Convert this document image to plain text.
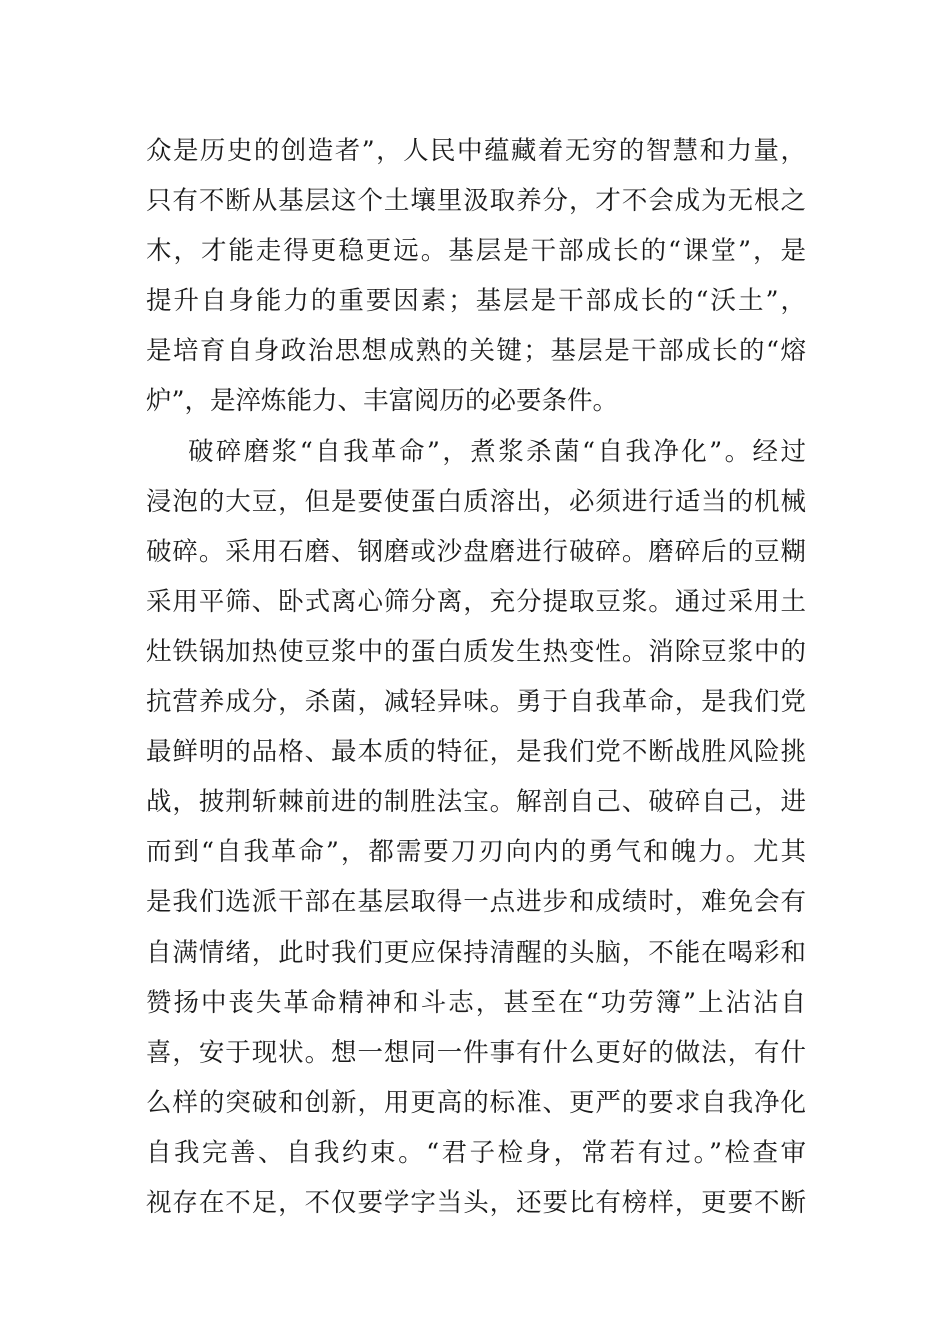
众是历史的创造者”，人民中蕴藏着无穷的智慧和力量，
只有不断从基层这个土壤里汲取养分，才不会成为无根之
木，才能走得更稳更远。基层是干部成长的“课堂”，是
提升自身能力的重要因素；基层是干部成长的“沃土”，
是培育自身政治思想成熟的关键；基层是干部成长的“熔
炉”，是淬炼能力、丰富阅历的必要条件。
破碎磨浆“自我革命”，煮浆杀菌“自我净化”。经过
浸泡的大豆，但是要使蛋白质溶出，必须进行适当的机械
破碎。采用石磨、钢磨或沙盘磨进行破碎。磨碎后的豆糊
采用平筛、卧式离心筛分离，充分提取豆浆。通过采用土
灶铁锅加热使豆浆中的蛋白质发生热变性。消除豆浆中的
抗营养成分，杀菌，减轻异味。勇于自我革命，是我们党
最鲜明的品格、最本质的特征，是我们党不断战胜风险挑
战，披荆斩棘前进的制胜法宝。解剖自己、破碎自己，进
而到“自我革命”，都需要刀刃向内的勇气和魄力。尤其
是我们选派干部在基层取得一点进步和成绩时，难免会有
自满情绪，此时我们更应保持清醒的头脑，不能在喝彩和
赞扬中丧失革命精神和斗志，甚至在“功劳簿”上沾沾自
喜，安于现状。想一想同一件事有什么更好的做法，有什
么样的突破和创新，用更高的标准、更严的要求自我净化
自我完善、自我约束。“君子检身，常若有过。”检查审
视存在不足，不仅要学字当头，还要比有榜样，更要不断
